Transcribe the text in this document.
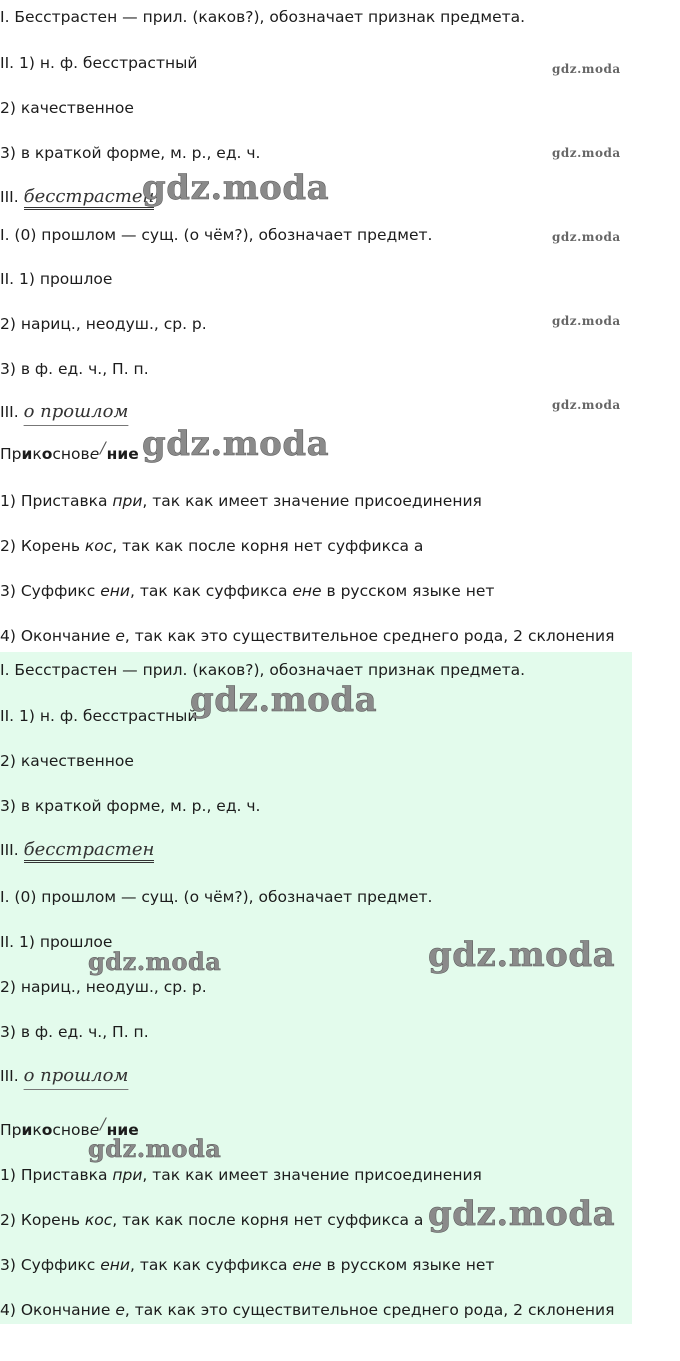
I. Бесстрастен — прил. (каков?), обозначает признак предмета.
II. 1) н. ф. бесстрастный
2) качественное
3) в краткой форме, м. р., ед. ч.
III. бесстрастен
I. (0) прошлом — сущ. (о чём?), обозначает предмет.
II. 1) прошлое
2) нариц., неодуш., ср. р.
3) в ф. ед. ч., П. п.
III. о прошлом
Прикоснове/ние
1) Приставка при, так как имеет значение присоединения
2) Корень кос, так как после корня нет суффикса а
3) Суффикс ени, так как суффикса ене в русском языке нет
4) Окончание е, так как это существительное среднего рода, 2 склонения
gdz.moda
gdz.moda
gdz.moda
gdz.moda
gdz.moda
gdz.moda
gdz.moda
I. Бесстрастен — прил. (каков?), обозначает признак предмета.
II. 1) н. ф. бесстрастный
2) качественное
3) в краткой форме, м. р., ед. ч.
III. бесстрастен
I. (0) прошлом — сущ. (о чём?), обозначает предмет.
II. 1) прошлое
2) нариц., неодуш., ср. р.
3) в ф. ед. ч., П. п.
III. о прошлом
Прикоснове/ние
1) Приставка при, так как имеет значение присоединения
2) Корень кос, так как после корня нет суффикса а
3) Суффикс ени, так как суффикса ене в русском языке нет
4) Окончание е, так как это существительное среднего рода, 2 склонения
gdz.moda
gdz.moda	gdz.moda
gdz.moda
gdz.moda
